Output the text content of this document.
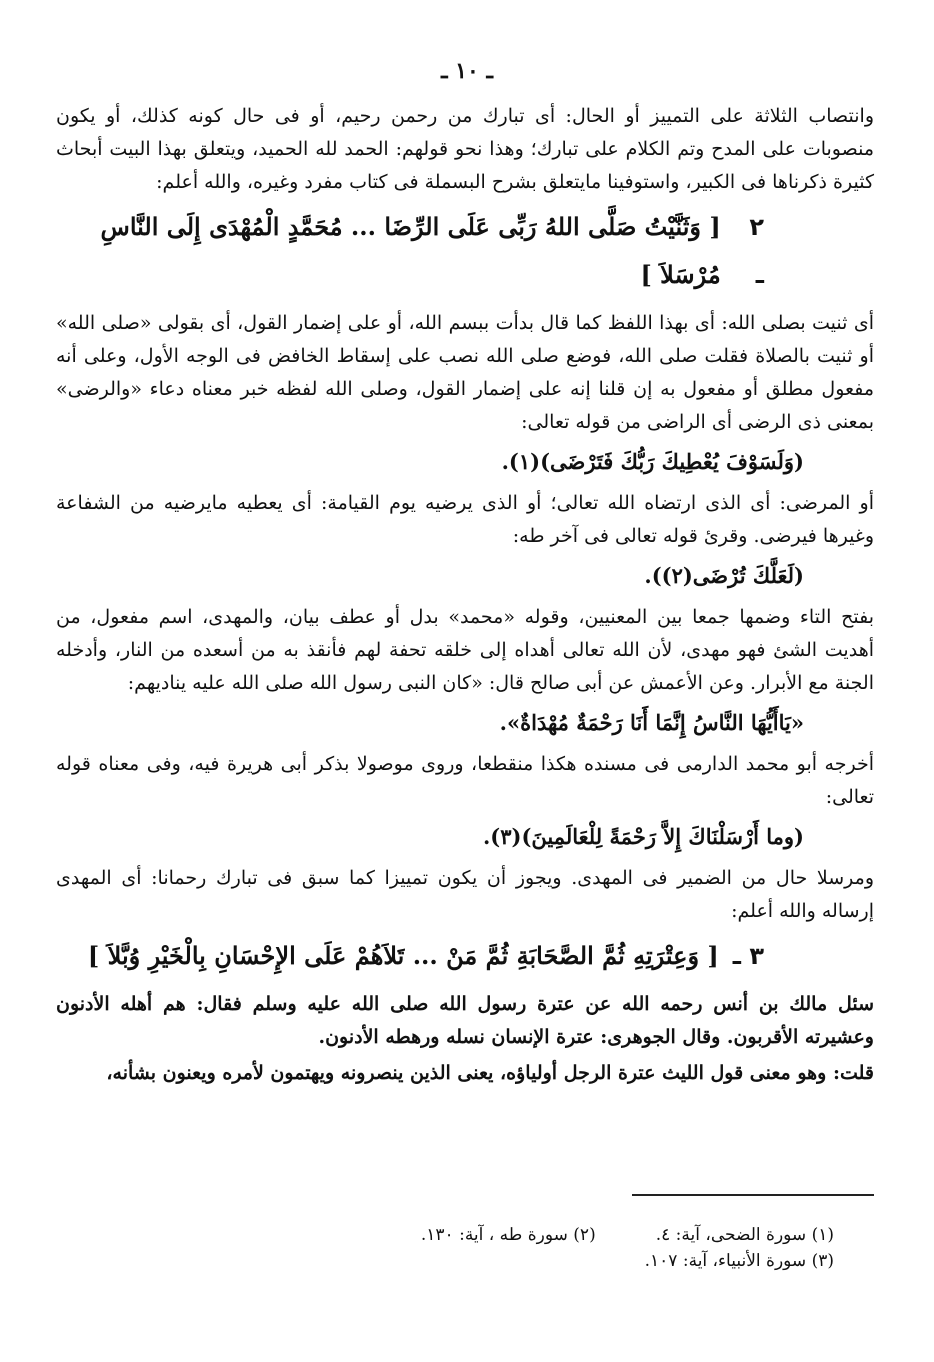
ـ ١٠ ـ

وانتصاب الثلاثة على التمييز أو الحال: أى تبارك من رحمن رحيم، أو فى حال كونه كذلك، أو يكون منصوبات على المدح وتم الكلام على تبارك؛ وهذا نحو قولهم: الحمد لله الحميد، ويتعلق بهذا البيت أبحاث كثيرة ذكرناها فى الكبير، واستوفينا مايتعلق بشرح البسملة فى كتاب مفرد وغيره، والله أعلم:

٢ ـ
[ وَثَنَّيْتُ صَلَّى اللهُ رَبِّى عَلَى الرِّضَا ... مُحَمَّدٍ الْمُهْدَى إِلَى النَّاسِ مُرْسَلاَ ]

أى ثنيت بصلى الله: أى بهذا اللفظ كما قال بدأت ببسم الله، أو على إضمار القول، أى بقولى «صلى الله» أو ثنيت بالصلاة فقلت صلى الله، فوضع صلى الله نصب على إسقاط الخافض فى الوجه الأول، وعلى أنه مفعول مطلق أو مفعول به إن قلنا إنه على إضمار القول، وصلى الله لفظه خبر معناه دعاء «والرضى» بمعنى ذى الرضى أى الراضى من قوله تعالى:

(وَلَسَوْفَ يُعْطِيكَ رَبُّكَ فَتَرْضَى)(١).

أو المرضى: أى الذى ارتضاه الله تعالى؛ أو الذى يرضيه يوم القيامة: أى يعطيه مايرضيه من الشفاعة وغيرها فيرضى. وقرئ قوله تعالى فى آخر طه:

(لَعَلَّكَ تُرْضَى(٢)).

بفتح التاء وضمها جمعا بين المعنيين، وقوله «محمد» بدل أو عطف بيان، والمهدى، اسم مفعول، من أهديت الشئ فهو مهدى، لأن الله تعالى أهداه إلى خلقه تحفة لهم فأنقذ به من أسعده من النار، وأدخله الجنة مع الأبرار. وعن الأعمش عن أبى صالح قال: «كان النبى رسول الله صلى الله عليه يناديهم:

«يَاأَيُّهَا النَّاسُ إِنَّمَا أَنَا رَحْمَةٌ مُهْدَاةٌ».

أخرجه أبو محمد الدارمى فى مسنده هكذا منقطعا، وروى موصولا بذكر أبى هريرة فيه، وفى معناه قوله تعالى:

(وما أَرْسَلْنَاكَ إِلاَّ رَحْمَةً لِلْعَالَمِينَ)(٣).

ومرسلا حال من الضمير فى المهدى. ويجوز أن يكون تمييزا كما سبق فى تبارك رحمانا: أى المهدى إرساله والله أعلم:

٣ ـ
[ وَعِتْرَتِهِ ثُمَّ الصَّحَابَةِ ثُمَّ مَنْ ... تَلاَهُمْ عَلَى الإِحْسَانِ بِالْخَيْرِ وُبَّلاَ ]

سئل مالك بن أنس رحمه الله عن عترة رسول الله صلى الله عليه وسلم فقال: هم أهله الأدنون وعشيرته الأقربون. وقال الجوهرى: عترة الإنسان نسله ورهطه الأدنون.

قلت: وهو معنى قول الليث عترة الرجل أولياؤه، يعنى الذين ينصرونه ويهتمون لأمره ويعنون بشأنه،

(١) سورة الضحى، آية: ٤.
(٢) سورة طه ، آية: ١٣٠.
(٣) سورة الأنبياء، آية: ١٠٧.
